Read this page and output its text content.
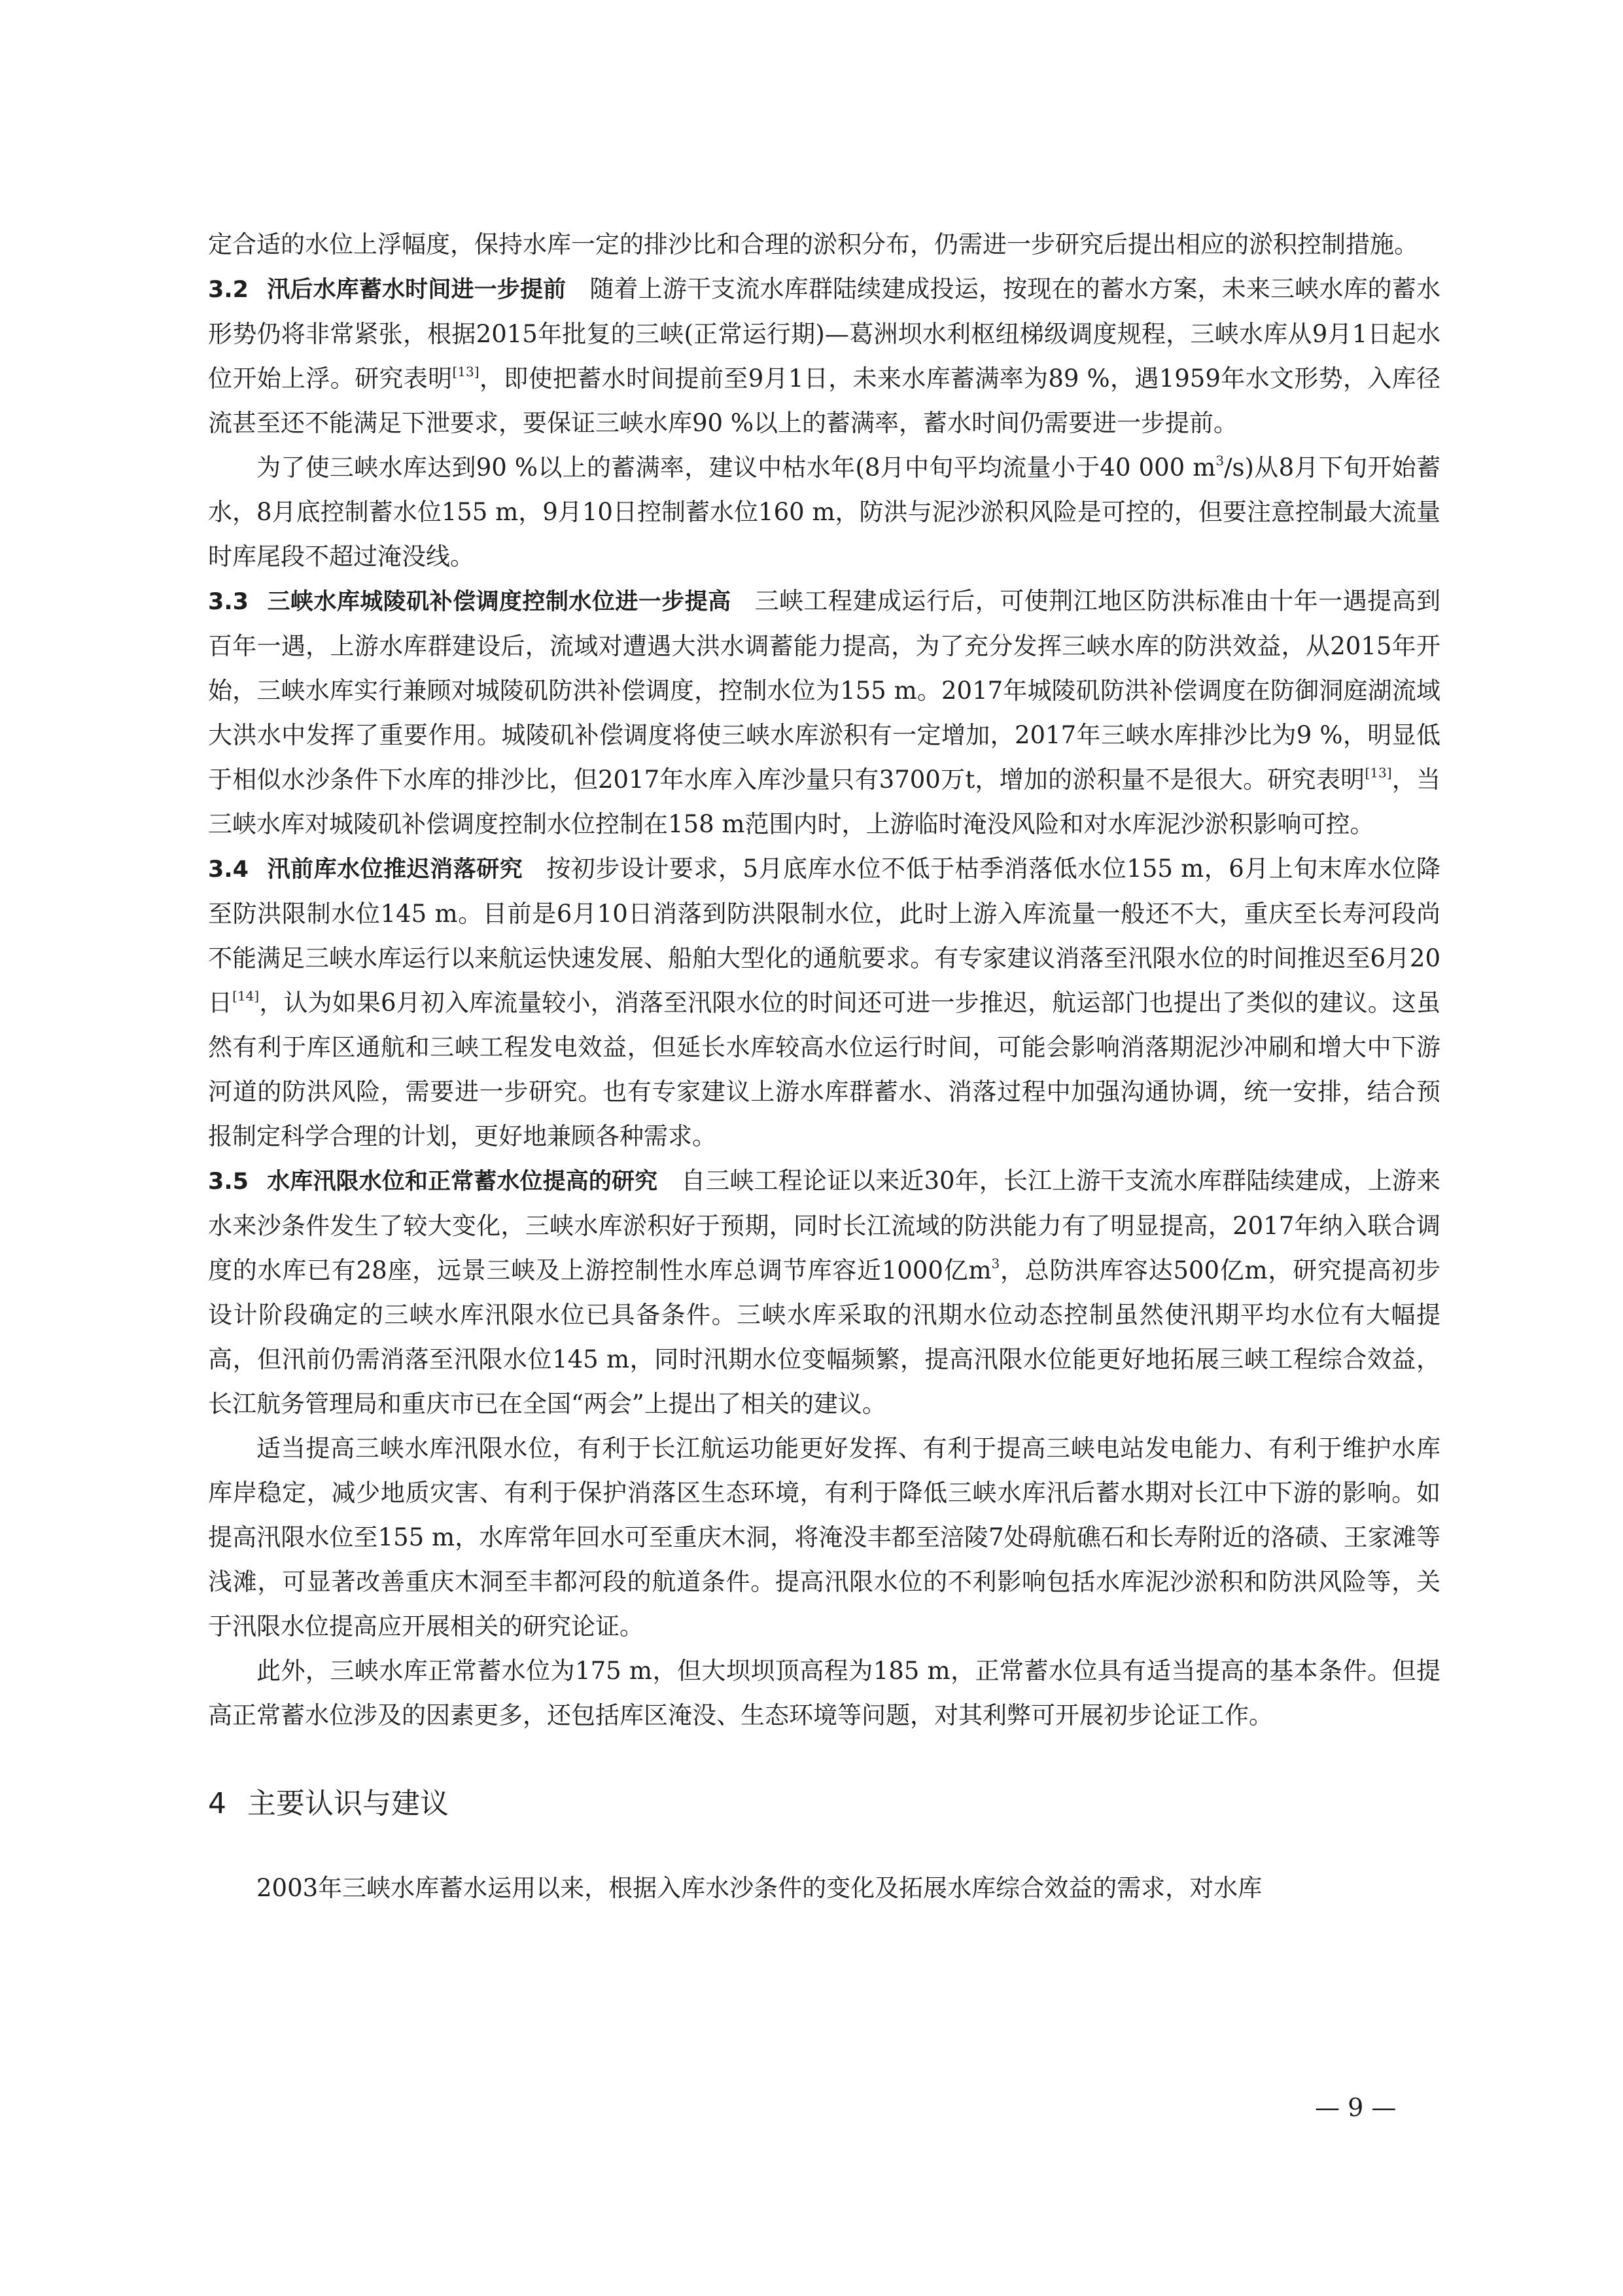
定合适的水位上浮幅度，保持水库一定的排沙比和合理的淤积分布，仍需进一步研究后提出相应的淤积控制措施。

3.2 汛后水库蓄水时间进一步提前 随着上游干支流水库群陆续建成投运，按现在的蓄水方案，未来三峡水库的蓄水形势仍将非常紧张，根据2015年批复的三峡(正常运行期)—葛洲坝水利枢纽梯级调度规程，三峡水库从9月1日起水位开始上浮。研究表明[13]，即使把蓄水时间提前至9月1日，未来水库蓄满率为89 %，遇1959年水文形势，入库径流甚至还不能满足下泄要求，要保证三峡水库90 %以上的蓄满率，蓄水时间仍需要进一步提前。

为了使三峡水库达到90 %以上的蓄满率，建议中枯水年(8月中旬平均流量小于40 000 $m^3/s$)从8月下旬开始蓄水，8月底控制蓄水位155 m，9月10日控制蓄水位160 m，防洪与泥沙淤积风险是可控的，但要注意控制最大流量时库尾段不超过淹没线。

3.3 三峡水库城陵矶补偿调度控制水位进一步提高 三峡工程建成运行后，可使荆江地区防洪标准由十年一遇提高到百年一遇，上游水库群建设后，流域对遭遇大洪水调蓄能力提高，为了充分发挥三峡水库的防洪效益，从2015年开始，三峡水库实行兼顾对城陵矶防洪补偿调度，控制水位为155 m。2017年城陵矶防洪补偿调度在防御洞庭湖流域大洪水中发挥了重要作用。城陵矶补偿调度将使三峡水库淤积有一定增加，2017年三峡水库排沙比为9 %，明显低于相似水沙条件下水库的排沙比，但2017年水库入库沙量只有3700万t，增加的淤积量不是很大。研究表明[13]，当三峡水库对城陵矶补偿调度控制水位控制在158 m范围内时，上游临时淹没风险和对水库泥沙淤积影响可控。

3.4 汛前库水位推迟消落研究 按初步设计要求，5月底库水位不低于枯季消落低水位155 m，6月上旬末库水位降至防洪限制水位145 m。目前是6月10日消落到防洪限制水位，此时上游入库流量一般还不大，重庆至长寿河段尚不能满足三峡水库运行以来航运快速发展、船舶大型化的通航要求。有专家建议消落至汛限水位的时间推迟至6月20日[14]，认为如果6月初入库流量较小，消落至汛限水位的时间还可进一步推迟，航运部门也提出了类似的建议。这虽然有利于库区通航和三峡工程发电效益，但延长水库较高水位运行时间，可能会影响消落期泥沙冲刷和增大中下游河道的防洪风险，需要进一步研究。也有专家建议上游水库群蓄水、消落过程中加强沟通协调，统一安排，结合预报制定科学合理的计划，更好地兼顾各种需求。

3.5 水库汛限水位和正常蓄水位提高的研究 自三峡工程论证以来近30年，长江上游干支流水库群陆续建成，上游来水来沙条件发生了较大变化，三峡水库淤积好于预期，同时长江流域的防洪能力有了明显提高，2017年纳入联合调度的水库已有28座，远景三峡及上游控制性水库总调节库容近1000亿$m^3$，总防洪库容达500亿m，研究提高初步设计阶段确定的三峡水库汛限水位已具备条件。三峡水库采取的汛期水位动态控制虽然使汛期平均水位有大幅提高，但汛前仍需消落至汛限水位145 m，同时汛期水位变幅频繁，提高汛限水位能更好地拓展三峡工程综合效益，长江航务管理局和重庆市已在全国“两会”上提出了相关的建议。

适当提高三峡水库汛限水位，有利于长江航运功能更好发挥、有利于提高三峡电站发电能力、有利于维护水库库岸稳定，减少地质灾害、有利于保护消落区生态环境，有利于降低三峡水库汛后蓄水期对长江中下游的影响。如提高汛限水位至155 m，水库常年回水可至重庆木洞，将淹没丰都至涪陵7处碍航礁石和长寿附近的洛碛、王家滩等浅滩，可显著改善重庆木洞至丰都河段的航道条件。提高汛限水位的不利影响包括水库泥沙淤积和防洪风险等，关于汛限水位提高应开展相关的研究论证。

此外，三峡水库正常蓄水位为175 m，但大坝坝顶高程为185 m，正常蓄水位具有适当提高的基本条件。但提高正常蓄水位涉及的因素更多，还包括库区淹没、生态环境等问题，对其利弊可开展初步论证工作。

4 主要认识与建议

2003年三峡水库蓄水运用以来，根据入库水沙条件的变化及拓展水库综合效益的需求，对水库

— 9 —
